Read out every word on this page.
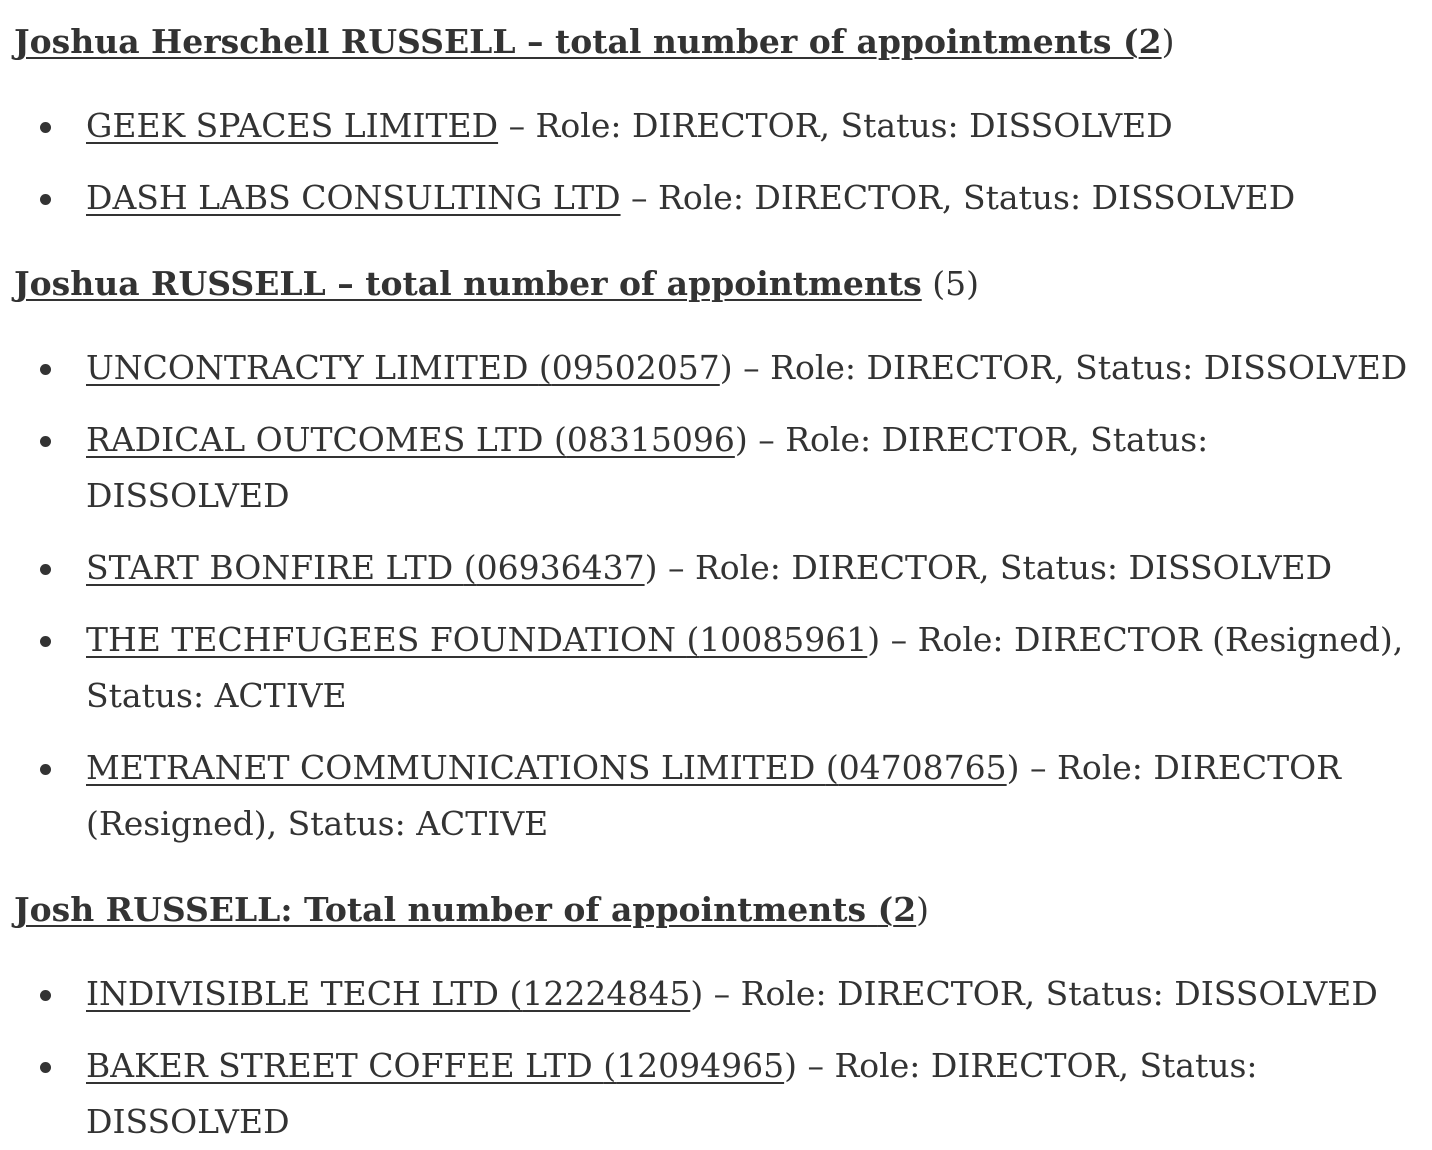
Joshua Herschell RUSSELL – total number of appointments (2)
GEEK SPACES LIMITED – Role: DIRECTOR, Status: DISSOLVED
DASH LABS CONSULTING LTD – Role: DIRECTOR, Status: DISSOLVED
Joshua RUSSELL – total number of appointments (5)
UNCONTRACTY LIMITED (09502057) – Role: DIRECTOR, Status: DISSOLVED
RADICAL OUTCOMES LTD (08315096) – Role: DIRECTOR, Status: DISSOLVED
START BONFIRE LTD (06936437) – Role: DIRECTOR, Status: DISSOLVED
THE TECHFUGEES FOUNDATION (10085961) – Role: DIRECTOR (Resigned), Status: ACTIVE
METRANET COMMUNICATIONS LIMITED (04708765) – Role: DIRECTOR (Resigned), Status: ACTIVE
Josh RUSSELL: Total number of appointments (2)
INDIVISIBLE TECH LTD (12224845) – Role: DIRECTOR, Status: DISSOLVED
BAKER STREET COFFEE LTD (12094965) – Role: DIRECTOR, Status: DISSOLVED
